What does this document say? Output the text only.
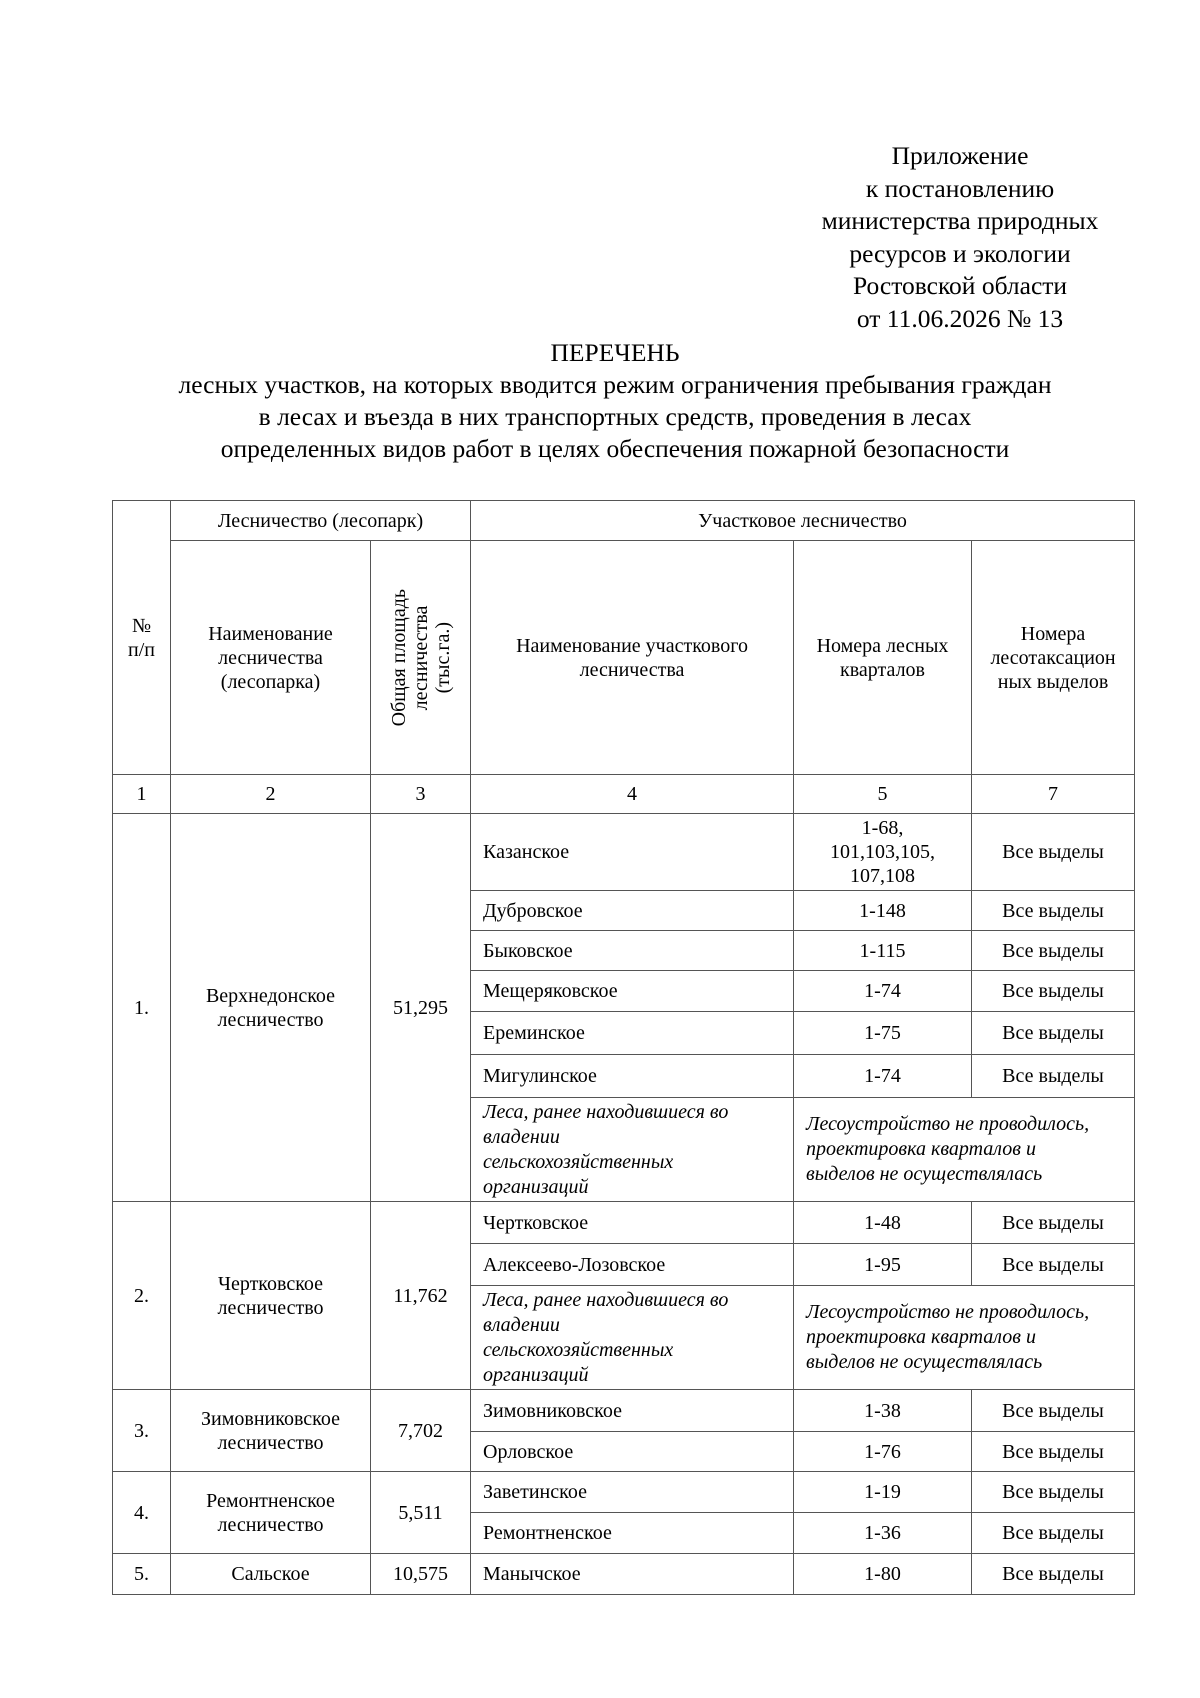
Приложение
к постановлению
министерства природных
ресурсов и экологии
Ростовской области
от 11.06.2026 № 13
ПЕРЕЧЕНЬ
лесных участков, на которых вводится режим ограничения пребывания граждан
в лесах и въезда в них транспортных средств, проведения в лесах
определенных видов работ в целях обеспечения пожарной безопасности
№
п/п	Лесничество (лесопарк)		Участковое лесничество		

	Наименование
лесничества
(лесопарка)	Общая площадь лесничества (тыс.га.)	Наименование участкового
лесничества	Номера лесных
кварталов	Номера
лесотаксацион
ных выделов

1	2	3	4	5	7
1.	Верхнедонское
лесничество	51,295	Казанское	1-68,
101,103,105,
107,108	Все выделы
			Дубровское	1-148	Все выделы
			Быковское	1-115	Все выделы
			Мещеряковское	1-74	Все выделы
			Ереминское	1-75	Все выделы
			Мигулинское	1-74	Все выделы

			Леса, ранее находившиеся во
владении
сельскохозяйственных
организаций	Лесоустройство не проводилось,
проектировка кварталов и
выделов не осуществлялась	

2.	Чертковское
лесничество	11,762	Чертковское	1-48	Все выделы
			Алексеево-Лозовское	1-95	Все выделы

			Леса, ранее находившиеся во
владении
сельскохозяйственных
организаций	Лесоустройство не проводилось,
проектировка кварталов и
выделов не осуществлялась	

3.	Зимовниковское
лесничество	7,702	Зимовниковское	1-38	Все выделы
			Орловское	1-76	Все выделы
4.	Ремонтненское
лесничество	5,511	Заветинское	1-19	Все выделы
			Ремонтненское	1-36	Все выделы
5.	Сальское	10,575	Манычское	1-80	Все выделы
